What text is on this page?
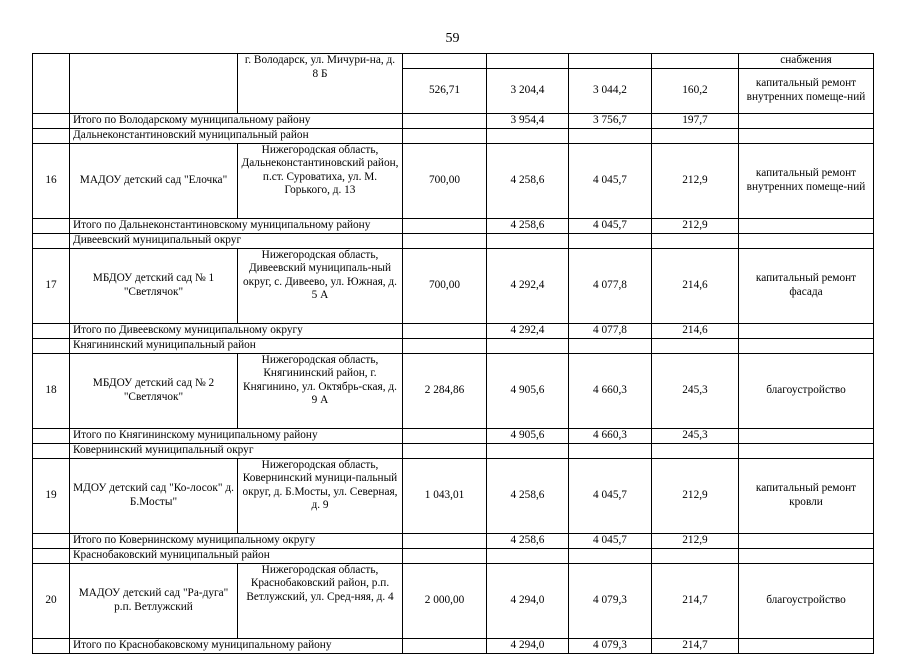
59
		г. Володарск, ул. Мичури-на, д. 8 Б					снабжения
			526,71	3 204,4	3 044,2	160,2	капитальный ремонт внутренних помеще-ний
	Итого по Володарскому муниципальному району			3 954,4	3 756,7	197,7	
	Дальнеконстантиновский муниципальный район						
16	МАДОУ детский сад "Елочка"	Нижегородская область, Дальнеконстантиновский район, п.ст. Суроватиха, ул. М. Горького, д. 13	700,00	4 258,6	4 045,7	212,9	капитальный ремонт внутренних помеще-ний
	Итого по Дальнеконстантиновскому муниципальному району			4 258,6	4 045,7	212,9	
	Дивеевский муниципальный округ						
17	МБДОУ детский сад № 1 "Светлячок"	Нижегородская область, Дивеевский муниципаль-ный округ, с. Дивеево, ул. Южная, д. 5 А	700,00	4 292,4	4 077,8	214,6	капитальный ремонт фасада
	Итого по Дивеевскому муниципальному округу			4 292,4	4 077,8	214,6	
	Княгининский муниципальный район						
18	МБДОУ детский сад № 2 "Светлячок"	Нижегородская область, Княгининский район, г. Княгинино, ул. Октябрь-ская, д. 9 А	2 284,86	4 905,6	4 660,3	245,3	благоустройство
	Итого по Княгининскому муниципальному району			4 905,6	4 660,3	245,3	
	Ковернинский муниципальный округ						
19	МДОУ детский сад "Ко-лосок" д. Б.Мосты"	Нижегородская область, Ковернинский муници-пальный округ, д. Б.Мосты, ул. Северная, д. 9	1 043,01	4 258,6	4 045,7	212,9	капитальный ремонт кровли
	Итого по Ковернинскому муниципальному округу			4 258,6	4 045,7	212,9	
	Краснобаковский муниципальный район						
20	МАДОУ детский сад "Ра-дуга" р.п. Ветлужский	Нижегородская область, Краснобаковский район, р.п. Ветлужский, ул. Сред-няя, д. 4	2 000,00	4 294,0	4 079,3	214,7	благоустройство
	Итого по Краснобаковскому муниципальному району			4 294,0	4 079,3	214,7	
